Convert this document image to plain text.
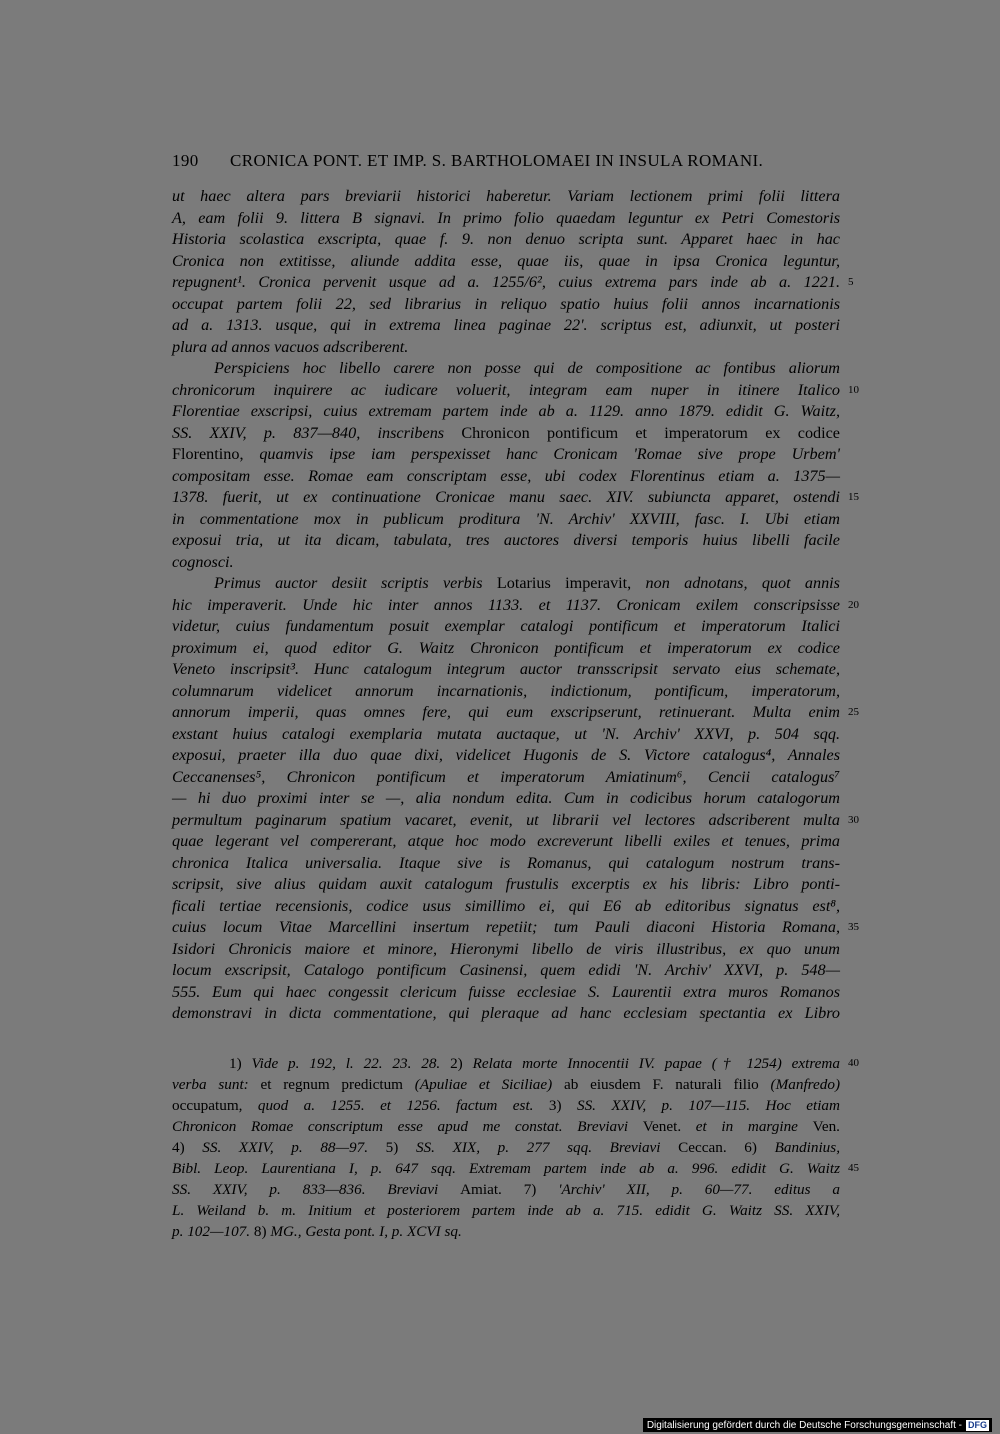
190 CRONICA PONT. ET IMP. S. BARTHOLOMAEI IN INSULA ROMANI.
ut haec altera pars breviarii historici haberetur. Variam lectionem primi folii littera
A, eam folii 9. littera B signavi. In primo folio quaedam leguntur ex Petri Comestoris
Historia scolastica exscripta, quae f. 9. non denuo scripta sunt. Apparet haec in hac
Cronica non extitisse, aliunde addita esse, quae iis, quae in ipsa Cronica leguntur,
repugnent¹. Cronica pervenit usque ad a. 1255/6², cuius extrema pars inde ab a. 1221. 5
occupat partem folii 22, sed librarius in reliquo spatio huius folii annos incarnationis
ad a. 1313. usque, qui in extrema linea paginae 22'. scriptus est, adiunxit, ut posteri
plura ad annos vacuos adscriberent.
Perspiciens hoc libello carere non posse qui de compositione ac fontibus aliorum
chronicorum inquirere ac iudicare voluerit, integram eam nuper in itinere Italico 10
Florentiae exscripsi, cuius extremam partem inde ab a. 1129. anno 1879. edidit G. Waitz,
SS. XXIV, p. 837—840, inscribens Chronicon pontificum et imperatorum ex codice
Florentino, quamvis ipse iam perspexisset hanc Cronicam 'Romae sive prope Urbem'
compositam esse. Romae eam conscriptam esse, ubi codex Florentinus etiam a. 1375—
1378. fuerit, ut ex continuatione Cronicae manu saec. XIV. subiuncta apparet, ostendi 15
in commentatione mox in publicum proditura 'N. Archiv' XXVIII, fasc. I. Ubi etiam
exposui tria, ut ita dicam, tabulata, tres auctores diversi temporis huius libelli facile
cognosci.
Primus auctor desiit scriptis verbis Lotarius imperavit, non adnotans, quot annis
hic imperaverit. Unde hic inter annos 1133. et 1137. Cronicam exilem conscripsisse 20
videtur, cuius fundamentum posuit exemplar catalogi pontificum et imperatorum Italici
proximum ei, quod editor G. Waitz Chronicon pontificum et imperatorum ex codice
Veneto inscripsit³. Hunc catalogum integrum auctor transscripsit servato eius schemate,
columnarum videlicet annorum incarnationis, indictionum, pontificum, imperatorum,
annorum imperii, quas omnes fere, qui eum exscripserunt, retinuerant. Multa enim 25
exstant huius catalogi exemplaria mutata auctaque, ut 'N. Archiv' XXVI, p. 504 sqq.
exposui, praeter illa duo quae dixi, videlicet Hugonis de S. Victore catalogus⁴, Annales
Ceccanenses⁵, Chronicon pontificum et imperatorum Amiatinum⁶, Cencii catalogus⁷
— hi duo proximi inter se —, alia nondum edita. Cum in codicibus horum catalogorum
permultum paginarum spatium vacaret, evenit, ut librarii vel lectores adscriberent multa 30
quae legerant vel compererant, atque hoc modo excreverunt libelli exiles et tenues, prima
chronica Italica universalia. Itaque sive is Romanus, qui catalogum nostrum trans-
scripsit, sive alius quidam auxit catalogum frustulis excerptis ex his libris: Libro ponti-
ficali tertiae recensionis, codice usus simillimo ei, qui E6 ab editoribus signatus est⁸,
cuius locum Vitae Marcellini insertum repetiit; tum Pauli diaconi Historia Romana, 35
Isidori Chronicis maiore et minore, Hieronymi libello de viris illustribus, ex quo unum
locum exscripsit, Catalogo pontificum Casinensi, quem edidi 'N. Archiv' XXVI, p. 548—
555. Eum qui haec congessit clericum fuisse ecclesiae S. Laurentii extra muros Romanos
demonstravi in dicta commentatione, qui pleraque ad hanc ecclesiam spectantia ex Libro
1) Vide p. 192, l. 22. 23. 28. 2) Relata morte Innocentii IV. papae († 1254) extrema 40
verba sunt: et regnum predictum (Apuliae et Siciliae) ab eiusdem F. naturali filio (Manfredo)
occupatum, quod a. 1255. et 1256. factum est. 3) SS. XXIV, p. 107—115. Hoc etiam
Chronicon Romae conscriptum esse apud me constat. Breviavi Venet. et in margine Ven.
4) SS. XXIV, p. 88—97. 5) SS. XIX, p. 277 sqq. Breviavi Ceccan. 6) Bandinius,
Bibl. Leop. Laurentiana I, p. 647 sqq. Extremam partem inde ab a. 996. edidit G. Waitz 45
SS. XXIV, p. 833—836. Breviavi Amiat. 7) 'Archiv' XII, p. 60—77. editus a
L. Weiland b. m. Initium et posteriorem partem inde ab a. 715. edidit G. Waitz SS. XXIV,
p. 102—107. 8) MG., Gesta pont. I, p. XCVI sq.
Digitalisierung gefördert durch die Deutsche Forschungsgemeinschaft - DFG
